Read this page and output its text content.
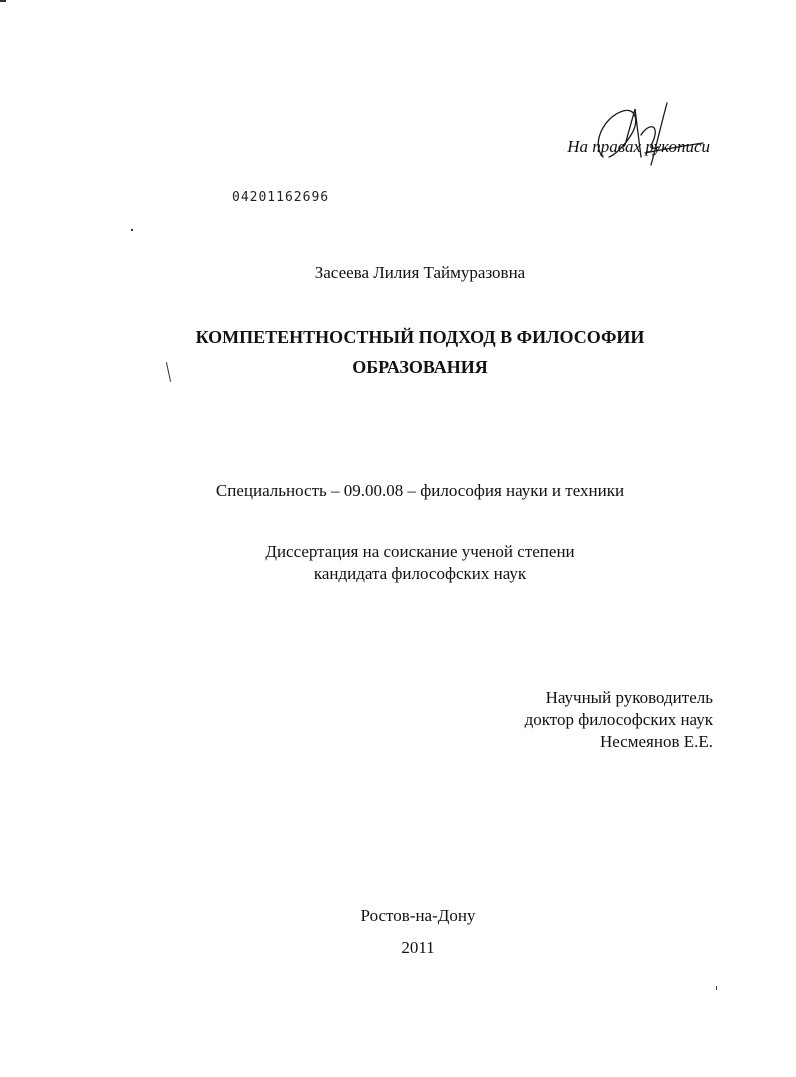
На правах рукописи
04201162696
Засеева Лилия Таймуразовна
КОМПЕТЕНТНОСТНЫЙ ПОДХОД В ФИЛОСОФИИ
ОБРАЗОВАНИЯ
Специальность – 09.00.08 – философия науки и техники
Диссертация на соискание ученой степени
кандидата философских наук
Научный руководитель
доктор философских наук
Несмеянов Е.Е.
Ростов-на-Дону
2011
